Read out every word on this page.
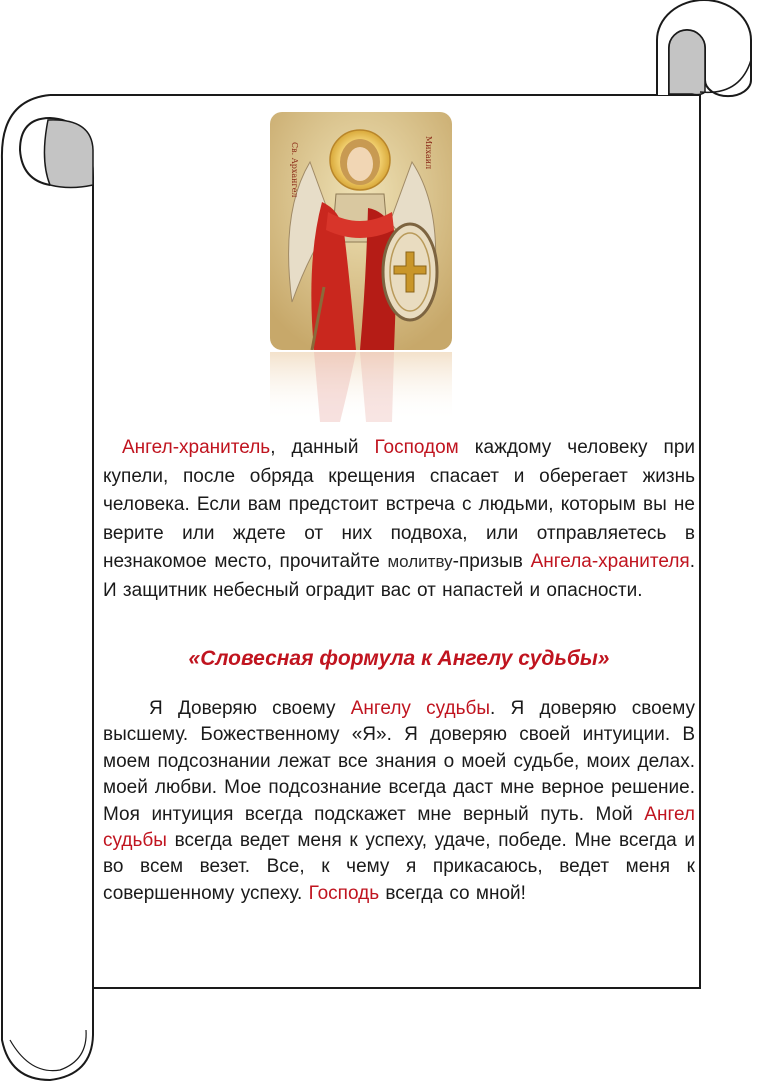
Св. Архангел	Михаил

Ангел-хранитель, данный Господом каждому человеку при купели, после обряда крещения спасает и оберегает жизнь человека. Если вам предстоит встреча с людьми, которым вы не верите или ждете от них подвоха, или отправляетесь в незнакомое место, прочитайте молитву-призыв Ангела-хранителя. И защитник небесный оградит вас от напастей и опасности.

«Словесная формула к Ангелу судьбы»

Я Доверяю своему Ангелу судьбы. Я доверяю своему высшему. Божественному «Я». Я доверяю своей интуиции. В моем подсознании лежат все знания о моей судьбе, моих делах. моей любви. Мое подсознание всегда даст мне верное решение. Моя интуиция всегда подскажет мне верный путь. Мой Ангел судьбы всегда ведет меня к успеху, удаче, победе. Мне всегда и во всем везет. Все, к чему я прикасаюсь, ведет меня к совершенному успеху. Господь всегда со мной!
